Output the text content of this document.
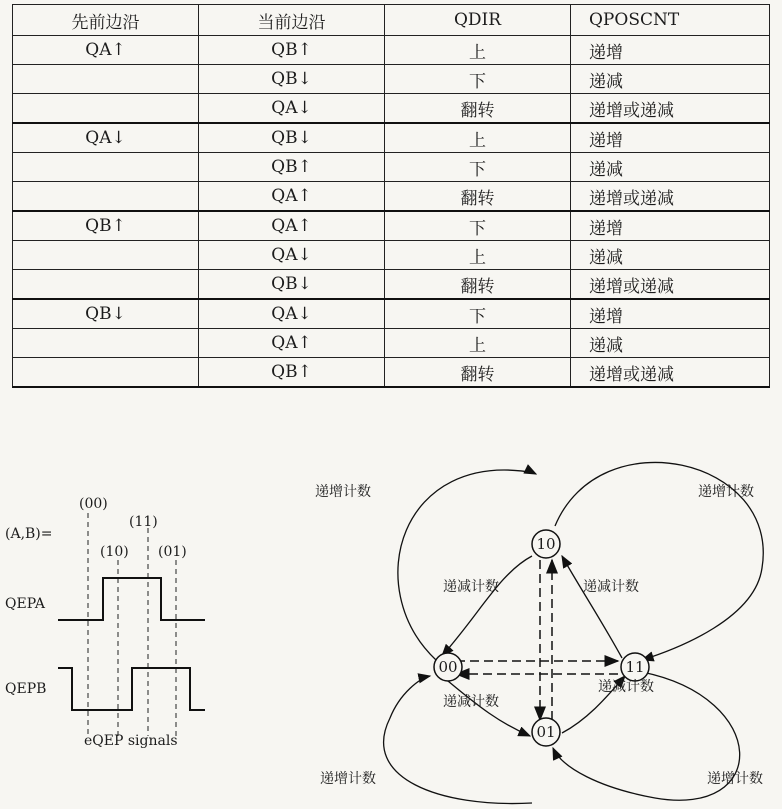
先前边沿	当前边沿	QDIR	QPOSCNT
QA↑	QB↑	上	递增
	QB↓	下	递减
	QA↓	翻转	递增或递减
QA↓	QB↓	上	递增
	QB↑	下	递减
	QA↑	翻转	递增或递减
QB↑	QA↑	下	递增
	QA↓	上	递减
	QB↓	翻转	递增或递减
QB↓	QA↓	下	递增
	QA↑	上	递减
	QB↑	翻转	递增或递减
(A,B)=
(00)
(10)
(11)
(01)
QEPA
QEPB
eQEP signals
10
00	11
01
递增计数	递增计数
递增计数	递增计数
递减计数	递减计数
递减计数
递减计数
